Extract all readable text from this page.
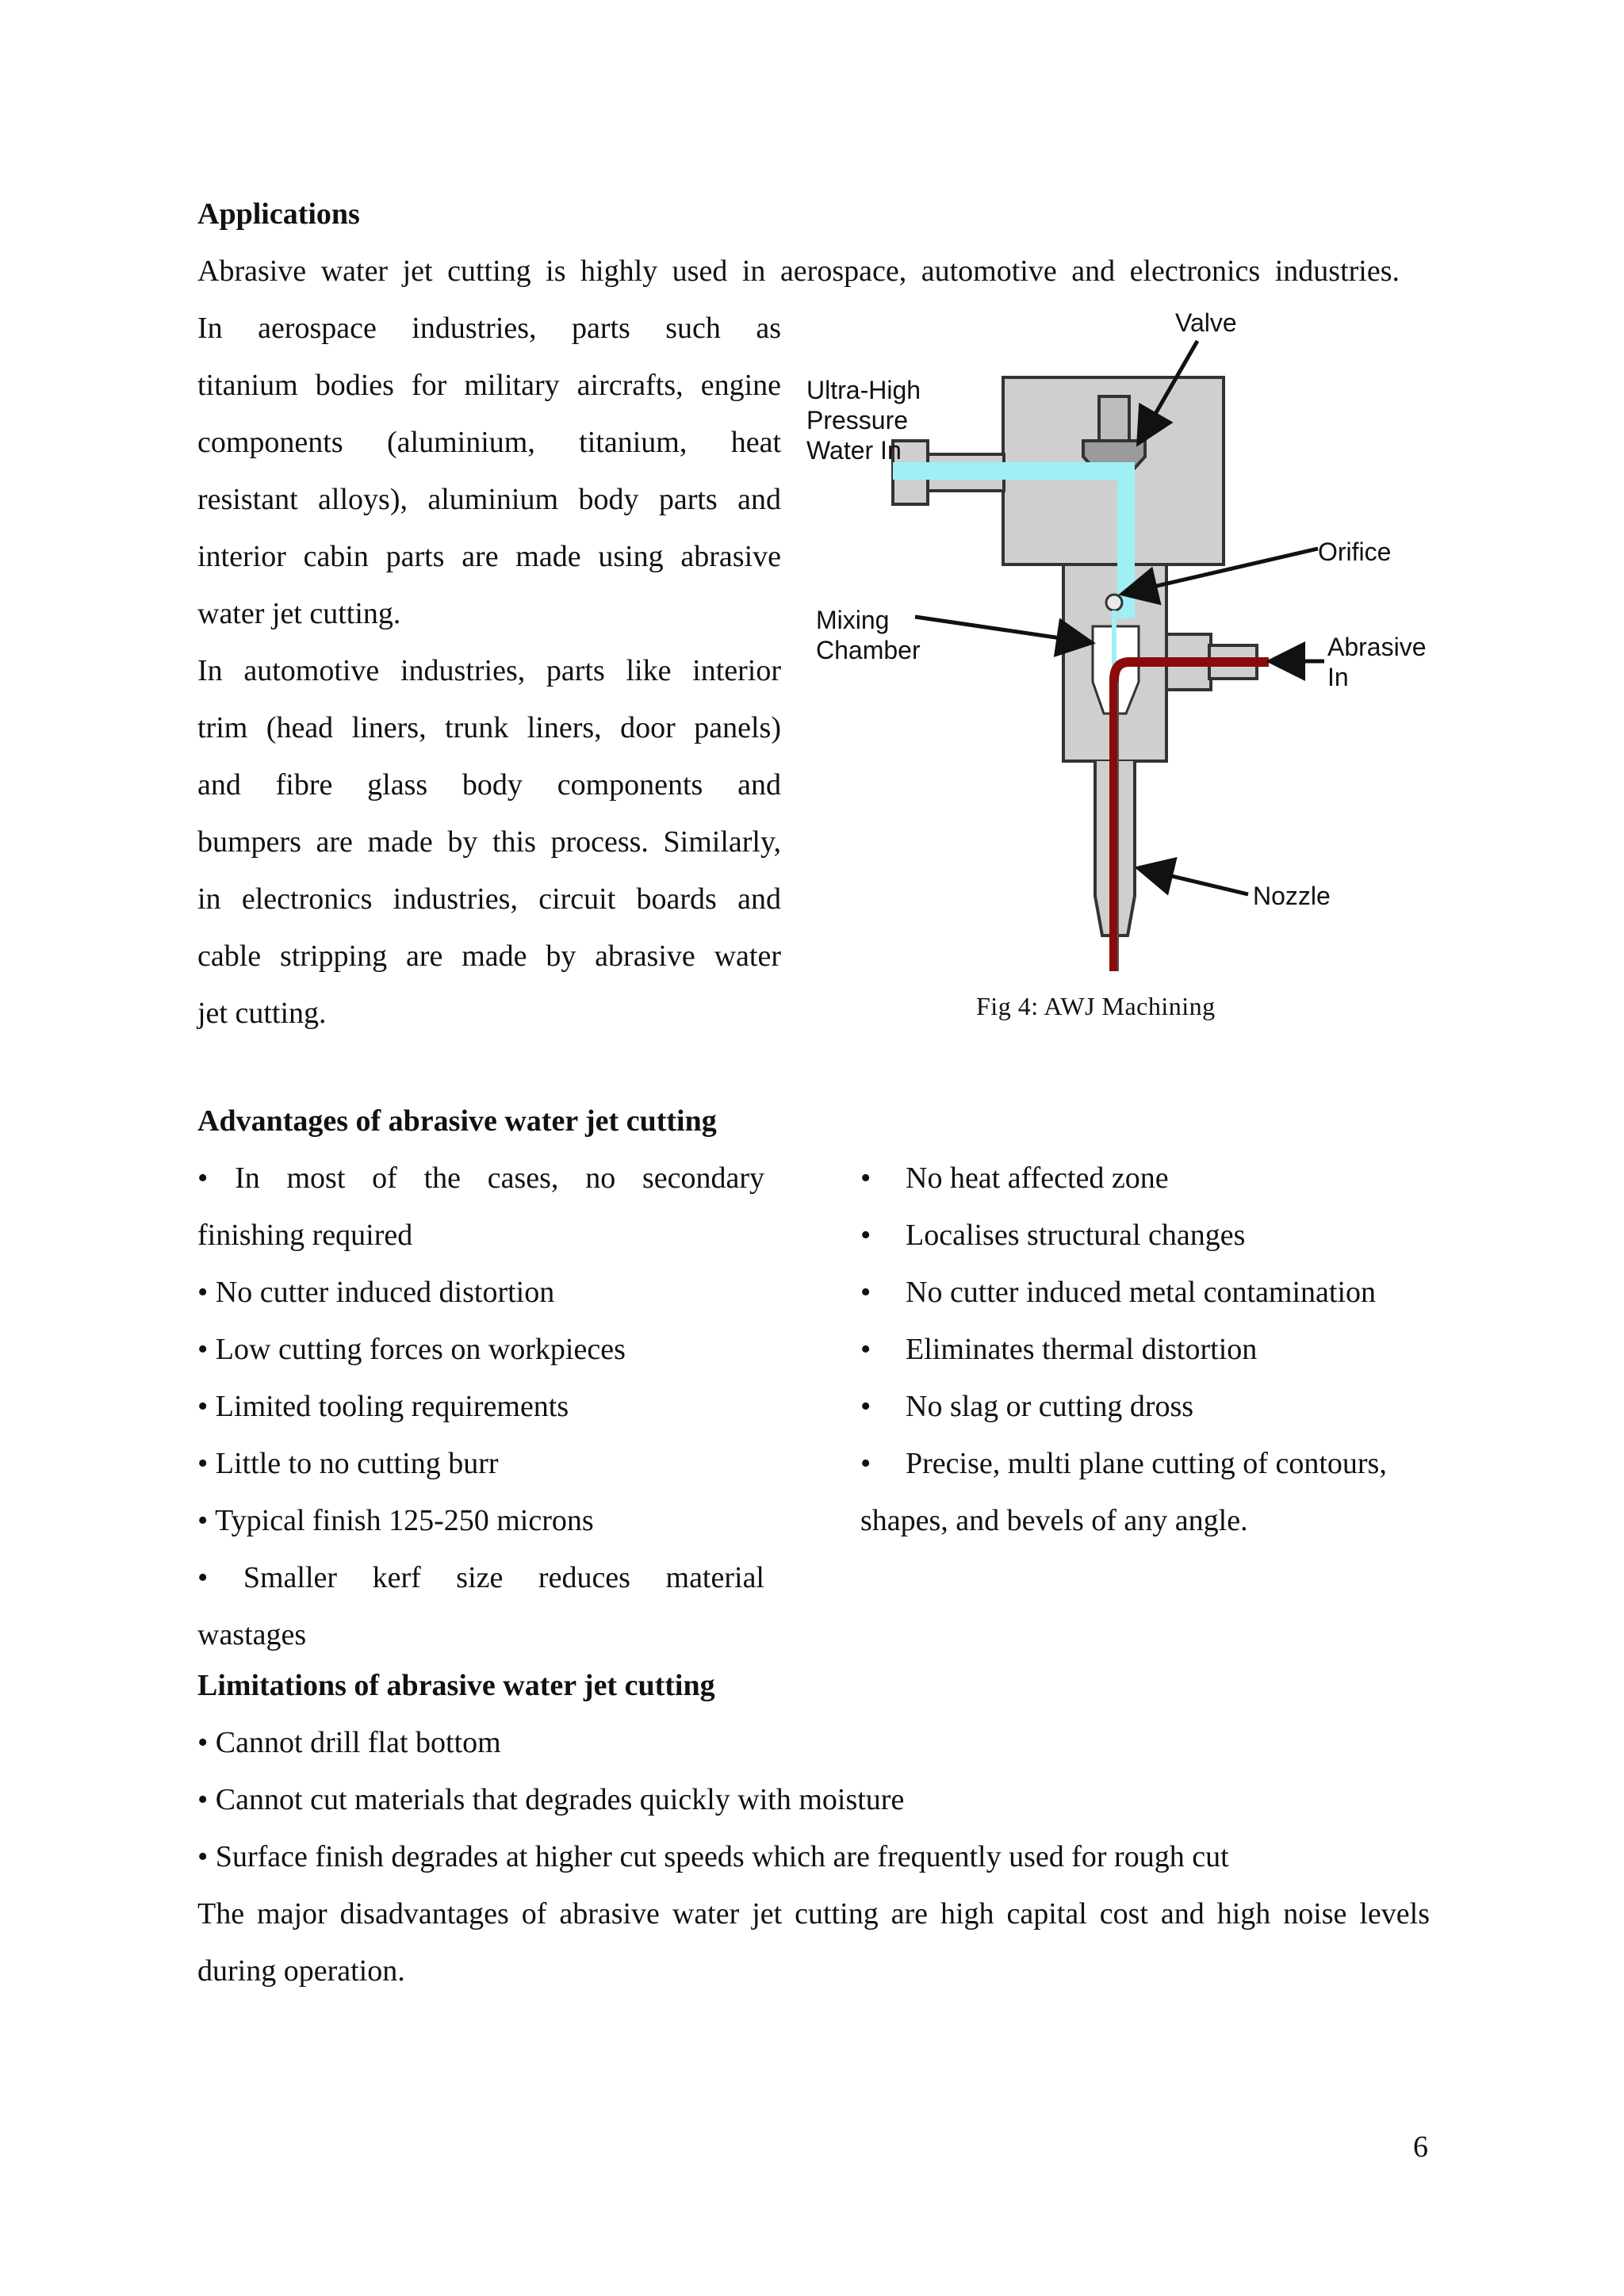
Applications
Abrasive water jet cutting is highly used in aerospace, automotive and electronics industries.
In aerospace industries, parts such as
titanium bodies for military aircrafts, engine
components (aluminium, titanium, heat
resistant alloys), aluminium body parts and
interior cabin parts are made using abrasive
water jet cutting.
In automotive industries, parts like interior
trim (head liners, trunk liners, door panels)
and fibre glass body components and
bumpers are made by this process. Similarly,
in electronics industries, circuit boards and
cable stripping are made by abrasive water
jet cutting.
Valve
Ultra-High
Pressure
Water In
Orifice
Mixing
Chamber	Abrasive
In
Nozzle
Fig 4: AWJ Machining
Advantages of abrasive water jet cutting
• In most of the cases, no secondary
finishing required
• No cutter induced distortion
• Low cutting forces on workpieces
• Limited tooling requirements
• Little to no cutting burr
• Typical finish 125-250 microns
• Smaller kerf size reduces material
wastages
• No heat affected zone
• Localises structural changes
• No cutter induced metal contamination
• Eliminates thermal distortion
• No slag or cutting dross
• Precise, multi plane cutting of contours,
shapes, and bevels of any angle.
Limitations of abrasive water jet cutting
• Cannot drill flat bottom
• Cannot cut materials that degrades quickly with moisture
• Surface finish degrades at higher cut speeds which are frequently used for rough cut
The major disadvantages of abrasive water jet cutting are high capital cost and high noise levels
during operation.
6
